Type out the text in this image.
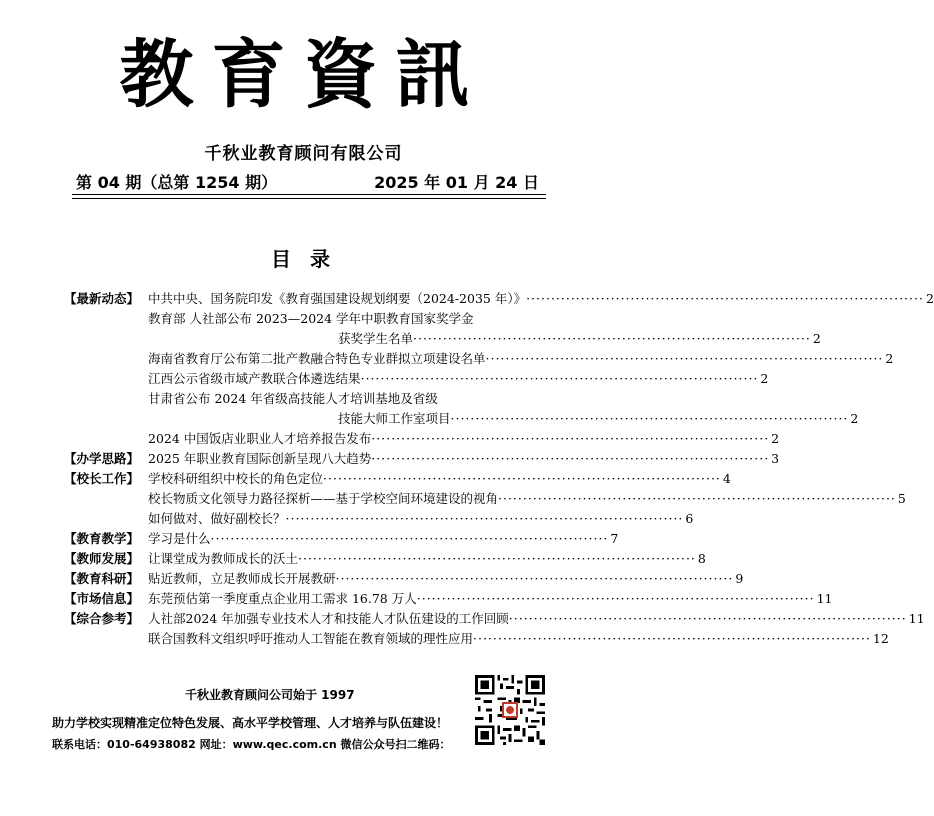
教育資訊
千秋业教育顾问有限公司
第 04 期（总第 1254 期）	2025 年 01 月 24 日
目 录
【最新动态】 中共中央、国务院印发《教育强国建设规划纲要（2024-2035 年）》 ················································································ 2
教育部 人社部公布 2023—2024 学年中职教育国家奖学金
获奖学生名单 ················································································ 2
海南省教育厅公布第二批产教融合特色专业群拟立项建设名单 ················································································ 2
江西公示省级市域产教联合体遴选结果 ················································································ 2
甘肃省公布 2024 年省级高技能人才培训基地及省级
技能大师工作室项目 ················································································ 2
2024 中国饭店业职业人才培养报告发布 ················································································ 2
【办学思路】 2025 年职业教育国际创新呈现八大趋势 ················································································ 3
【校长工作】 学校科研组织中校长的角色定位 ················································································ 4
校长物质文化领导力路径探析——基于学校空间环境建设的视角 ················································································ 5
如何做对、做好副校长？ ················································································ 6
【教育教学】 学习是什么 ················································································ 7
【教师发展】 让课堂成为教师成长的沃土 ················································································ 8
【教育科研】 贴近教师，立足教师成长开展教研 ················································································ 9
【市场信息】 东莞预估第一季度重点企业用工需求 16.78 万人 ················································································ 11
【综合参考】 人社部2024 年加强专业技术人才和技能人才队伍建设的工作回顾 ················································································ 11
联合国教科文组织呼吁推动人工智能在教育领域的理性应用 ················································································ 12
千秋业教育顾问公司始于 1997
助力学校实现精准定位特色发展、高水平学校管理、人才培养与队伍建设！
联系电话：010-64938082 网址：www.qec.com.cn 微信公众号扫二维码：
